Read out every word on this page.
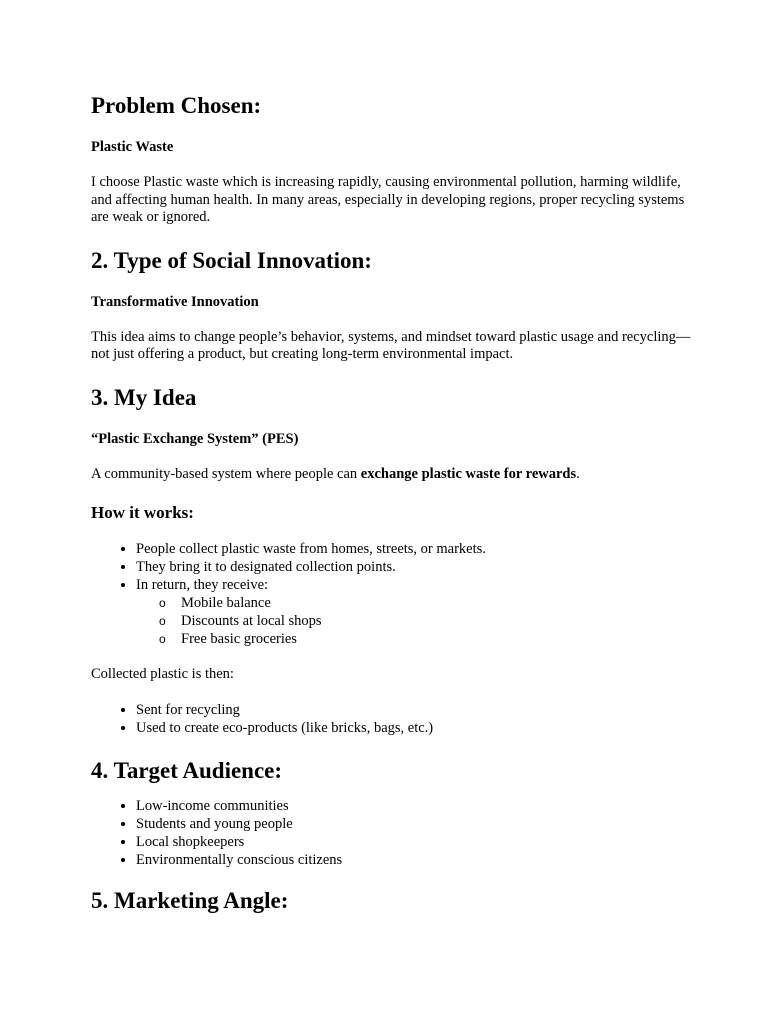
Problem Chosen:
Plastic Waste

I choose Plastic waste which is increasing rapidly, causing environmental pollution, harming wildlife, and affecting human health. In many areas, especially in developing regions, proper recycling systems are weak or ignored.

2. Type of Social Innovation:
Transformative Innovation

This idea aims to change people’s behavior, systems, and mindset toward plastic usage and recycling—not just offering a product, but creating long-term environmental impact.

3. My Idea
“Plastic Exchange System” (PES)

A community-based system where people can exchange plastic waste for rewards.

How it works:
• People collect plastic waste from homes, streets, or markets.
• They bring it to designated collection points.
• In return, they receive:
o Mobile balance
o Discounts at local shops
o Free basic groceries

Collected plastic is then:

• Sent for recycling
• Used to create eco-products (like bricks, bags, etc.)
4. Target Audience:
• Low-income communities
• Students and young people
• Local shopkeepers
• Environmentally conscious citizens
5. Marketing Angle:
